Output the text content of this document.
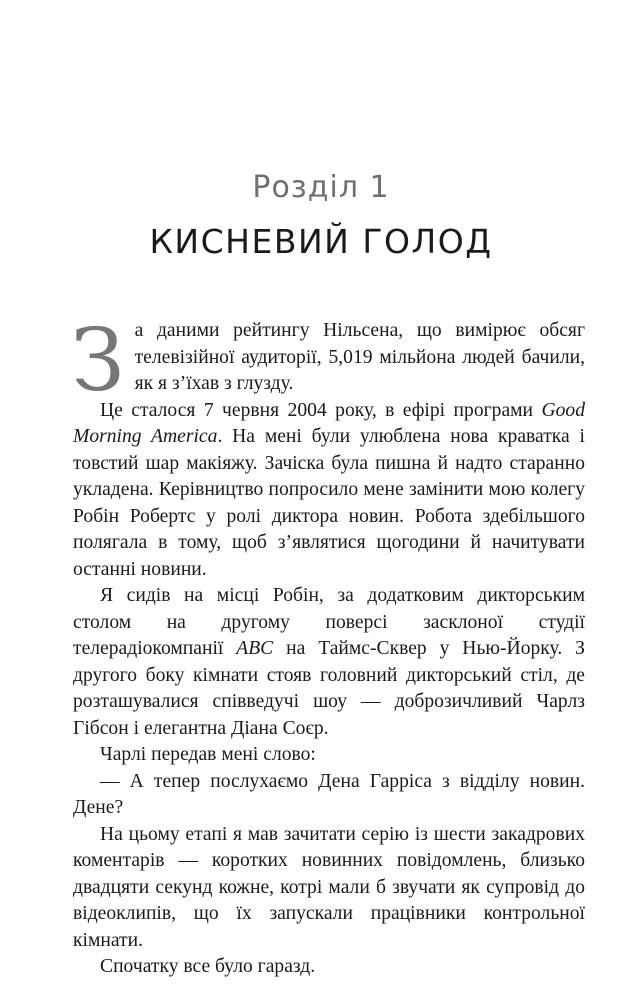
Розділ 1
КИСНЕВИЙ ГОЛОД

За даними рейтингу Нільсена, що вимірює обсяг телевізійної аудиторії, 5,019 мільйона людей бачили, як я з’їхав з глузду.

Це сталося 7 червня 2004 року, в ефірі програми Good Morning America. На мені були улюблена нова краватка і товстий шар макіяжу. Зачіска була пишна й надто старанно укладена. Керівництво попросило мене замінити мою колегу Робін Робертс у ролі диктора новин. Робота здебільшого полягала в тому, щоб з’являтися щогодини й начитувати останні новини.

Я сидів на місці Робін, за додатковим дикторським столом на другому поверсі засклоної студії телерадіокомпанії ABC на Таймс-Сквер у Нью-Йорку. З другого боку кімнати стояв головний дикторський стіл, де розташувалися співведучі шоу — доброзичливий Чарлз Гібсон і елегантна Діана Соєр.

Чарлі передав мені слово:

— А тепер послухаємо Дена Гарріса з відділу новин. Дене?

На цьому етапі я мав зачитати серію із шести закадрових коментарів — коротких новинних повідомлень, близько двадцяти секунд кожне, котрі мали б звучати як супровід до відеоклипів, що їх запускали працівники контрольної кімнати.

Спочатку все було гаразд.
